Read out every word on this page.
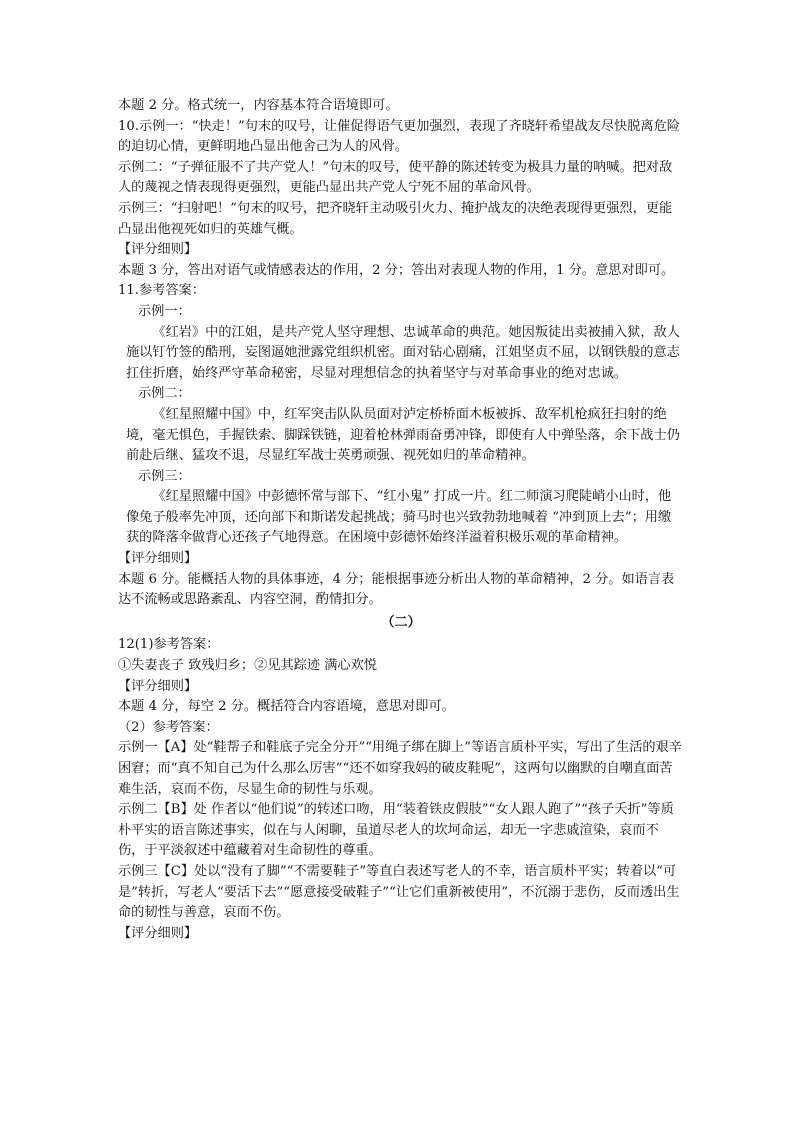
本题 2 分。格式统一，内容基本符合语境即可。

10.示例一：“快走！”句末的叹号，让催促得语气更加强烈，表现了齐晓轩希望战友尽快脱离危险的迫切心情，更鲜明地凸显出他舍己为人的风骨。

示例二：“子弹征服不了共产党人！”句末的叹号，使平静的陈述转变为极具力量的呐喊。把对敌人的蔑视之情表现得更强烈，更能凸显出共产党人宁死不屈的革命风骨。

示例三：“扫射吧！”句末的叹号，把齐晓轩主动吸引火力、掩护战友的决绝表现得更强烈，更能凸显出他视死如归的英雄气概。

【评分细则】

本题 3 分，答出对语气或情感表达的作用，2 分；答出对表现人物的作用，1 分。意思对即可。

11.参考答案：

示例一：

《红岩》中的江姐，是共产党人坚守理想、忠诚革命的典范。她因叛徒出卖被捕入狱，敌人施以钉竹签的酷刑，妄图逼她泄露党组织机密。面对钻心剧痛，江姐坚贞不屈，以钢铁般的意志扛住折磨，始终严守革命秘密，尽显对理想信念的执着坚守与对革命事业的绝对忠诚。

示例二：

《红星照耀中国》中，红军突击队队员面对泸定桥桥面木板被拆、敌军机枪疯狂扫射的绝境，毫无惧色，手握铁索、脚踩铁链，迎着枪林弹雨奋勇冲锋，即使有人中弹坠落，余下战士仍前赴后继、猛攻不退，尽显红军战士英勇顽强、视死如归的革命精神。

示例三：

《红星照耀中国》中彭德怀常与部下、“红小鬼” 打成一片。红二师演习爬陡峭小山时，他像兔子般率先冲顶，还向部下和斯诺发起挑战；骑马时也兴致勃勃地喊着 “冲到顶上去”；用缴获的降落伞做背心还孩子气地得意。在困境中彭德怀始终洋溢着积极乐观的革命精神。

【评分细则】

本题 6 分。能概括人物的具体事迹，4 分；能根据事迹分析出人物的革命精神，2 分。如语言表达不流畅或思路紊乱、内容空洞，酌情扣分。

（二）

12(1)参考答案：

①失妻丧子 致残归乡；②见其踪迹 满心欢悦

【评分细则】

本题 4 分，每空 2 分。概括符合内容语境，意思对即可。

（2）参考答案：

示例一【A】处“鞋帮子和鞋底子完全分开”“用绳子绑在脚上”等语言质朴平实，写出了生活的艰辛困窘；而“真不知自己为什么那么厉害”“还不如穿我妈的破皮鞋呢”，这两句以幽默的自嘲直面苦难生活，哀而不伤，尽显生命的韧性与乐观。

示例二【B】处 作者以“他们说”的转述口吻，用“装着铁皮假肢”“女人跟人跑了”“孩子夭折”等质朴平实的语言陈述事实，似在与人闲聊，虽道尽老人的坎坷命运，却无一字悲戚渲染，哀而不伤，于平淡叙述中蕴藏着对生命韧性的尊重。

示例三【C】处以“没有了脚”“不需要鞋子”等直白表述写老人的不幸，语言质朴平实；转着以“可是”转折，写老人“要活下去”“愿意接受破鞋子”“让它们重新被使用”，不沉溺于悲伤，反而透出生命的韧性与善意，哀而不伤。

【评分细则】
